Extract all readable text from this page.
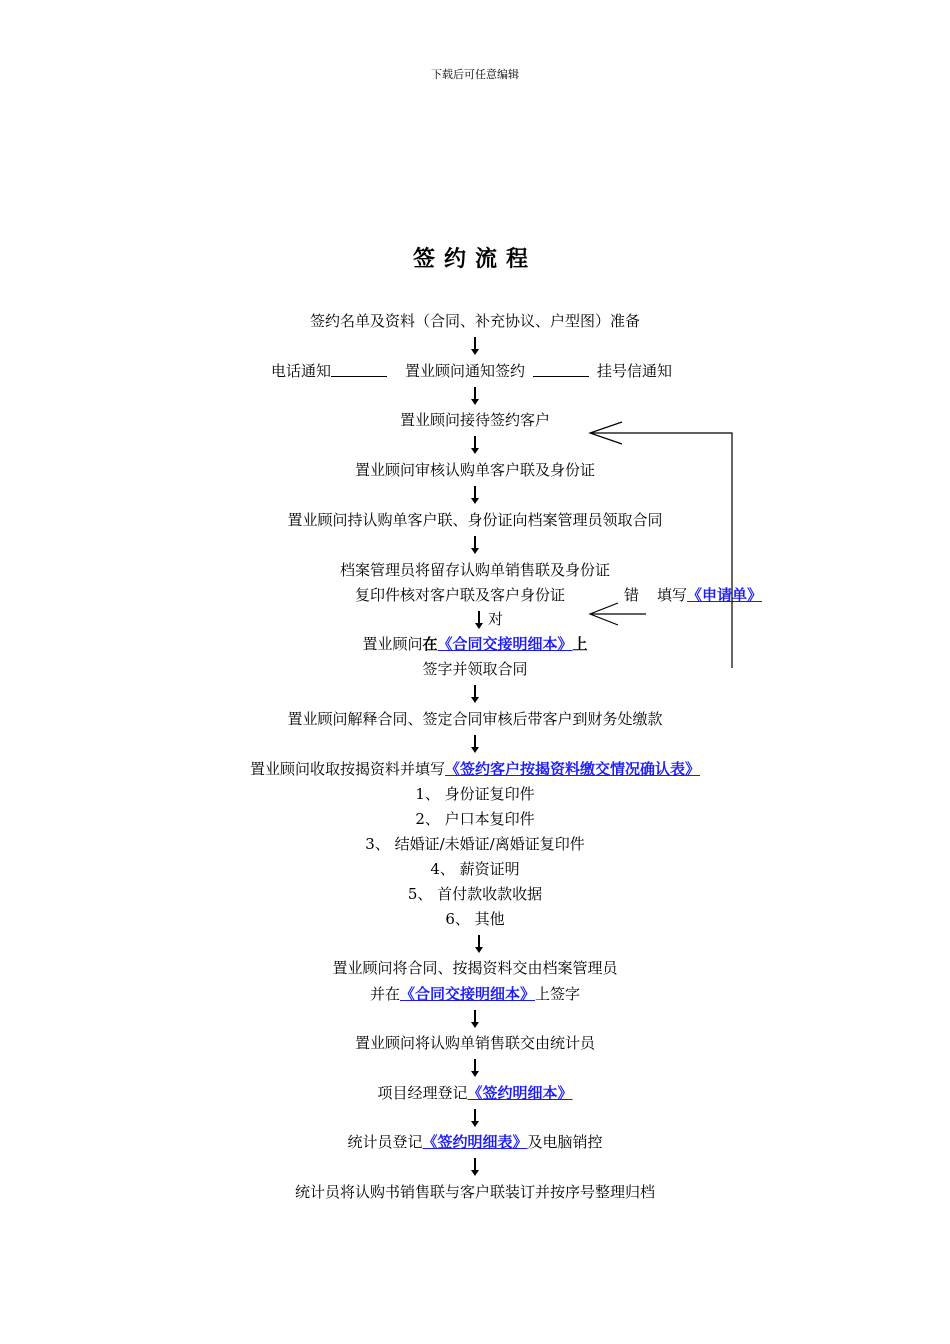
下载后可任意编辑
签约流程
签约名单及资料（合同、补充协议、户型图）准备
电话通知	置业顾问通知签约	挂号信通知
置业顾问接待签约客户
置业顾问审核认购单客户联及身份证
置业顾问持认购单客户联、身份证向档案管理员领取合同
档案管理员将留存认购单销售联及身份证
复印件核对客户联及客户身份证	错 填写《申请单》
对
置业顾问在《合同交接明细本》上
签字并领取合同
置业顾问解释合同、签定合同审核后带客户到财务处缴款
置业顾问收取按揭资料并填写《签约客户按揭资料缴交情况确认表》
1、 身份证复印件
2、 户口本复印件
3、 结婚证/未婚证/离婚证复印件
4、 薪资证明
5、 首付款收款收据
6、 其他
置业顾问将合同、按揭资料交由档案管理员
并在《合同交接明细本》上签字
置业顾问将认购单销售联交由统计员
项目经理登记《签约明细本》
统计员登记《签约明细表》及电脑销控
统计员将认购书销售联与客户联装订并按序号整理归档
